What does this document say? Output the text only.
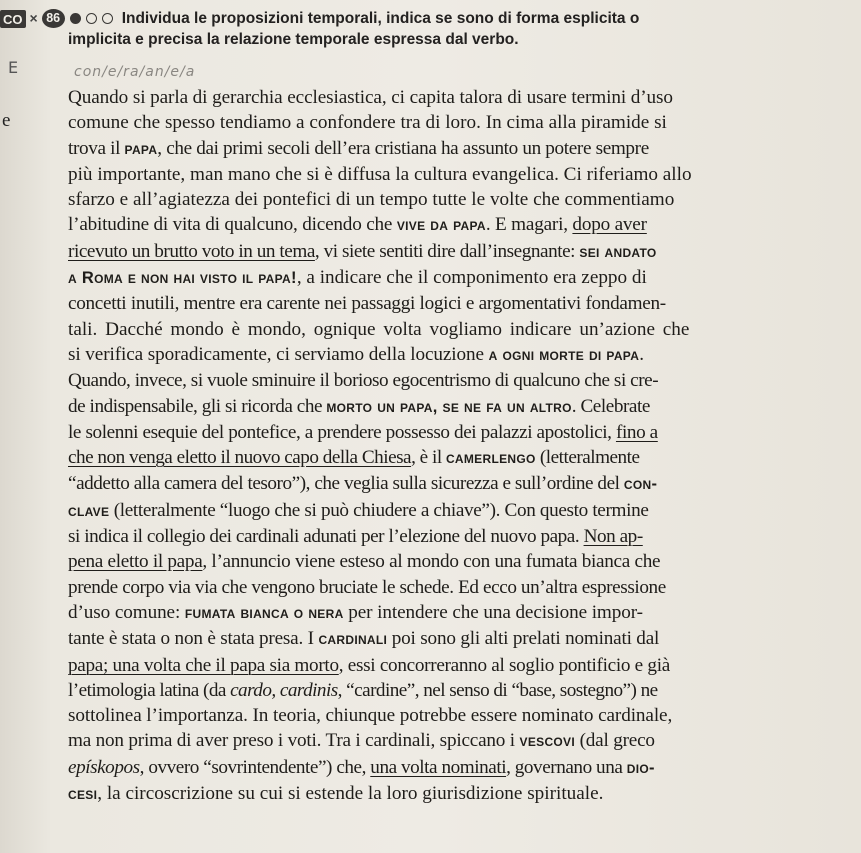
CO × 86	Individua le proposizioni temporali, indica se sono di forma esplicita o
implicita e precisa la relazione temporale espressa dal verbo.
E	con/e/ra/an/e/a
e
Quando si parla di gerarchia ecclesiastica, ci capita talora di usare termini d’uso
comune che spesso tendiamo a confondere tra di loro. In cima alla piramide si
trova il papa, che dai primi secoli dell’era cristiana ha assunto un potere sempre
più importante, man mano che si è diffusa la cultura evangelica. Ci riferiamo allo
sfarzo e all’agiatezza dei pontefici di un tempo tutte le volte che commentiamo
l’abitudine di vita di qualcuno, dicendo che vive da papa. E magari, dopo aver
ricevuto un brutto voto in un tema, vi siete sentiti dire dall’insegnante: sei andato
a Roma e non hai visto il papa!, a indicare che il componimento era zeppo di
concetti inutili, mentre era carente nei passaggi logici e argomentativi fondamen-
tali. Dacché mondo è mondo, ognique volta vogliamo indicare un’azione che
si verifica sporadicamente, ci serviamo della locuzione a ogni morte di papa.
Quando, invece, si vuole sminuire il borioso egocentrismo di qualcuno che si cre-
de indispensabile, gli si ricorda che morto un papa, se ne fa un altro. Celebrate
le solenni esequie del pontefice, a prendere possesso dei palazzi apostolici, fino a
che non venga eletto il nuovo capo della Chiesa, è il camerlengo (letteralmente
“addetto alla camera del tesoro”), che veglia sulla sicurezza e sull’ordine del con-
clave (letteralmente “luogo che si può chiudere a chiave”). Con questo termine
si indica il collegio dei cardinali adunati per l’elezione del nuovo papa. Non ap-
pena eletto il papa, l’annuncio viene esteso al mondo con una fumata bianca che
prende corpo via via che vengono bruciate le schede. Ed ecco un’altra espressione
d’uso comune: fumata bianca o nera per intendere che una decisione impor-
tante è stata o non è stata presa. I cardinali poi sono gli alti prelati nominati dal
papa; una volta che il papa sia morto, essi concorreranno al soglio pontificio e già
l’etimologia latina (da cardo, cardinis, “cardine”, nel senso di “base, sostegno”) ne
sottolinea l’importanza. In teoria, chiunque potrebbe essere nominato cardinale,
ma non prima di aver preso i voti. Tra i cardinali, spiccano i vescovi (dal greco
epískopos, ovvero “sovrintendente”) che, una volta nominati, governano una dio-
cesi, la circoscrizione su cui si estende la loro giurisdizione spirituale.
